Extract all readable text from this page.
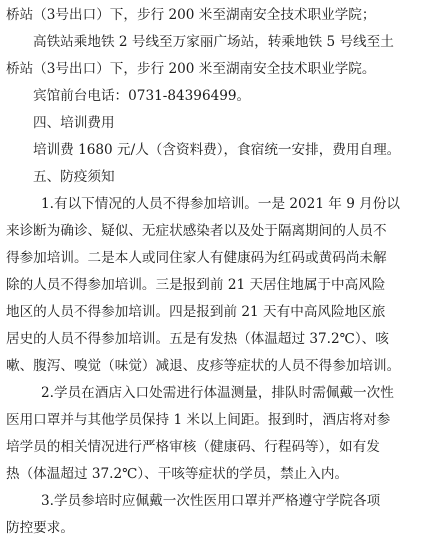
桥站（3号出口）下，步行 200 米至湖南安全技术职业学院；
高铁站乘地铁 2 号线至万家丽广场站，转乘地铁 5 号线至土
桥站（3号出口）下，步行 200 米至湖南安全技术职业学院。
宾馆前台电话：0731-84396499。
四、培训费用
培训费 1680 元/人（含资料费），食宿统一安排，费用自理。
五、防疫须知
1.有以下情况的人员不得参加培训。一是 2021 年 9 月份以
来诊断为确诊、疑似、无症状感染者以及处于隔离期间的人员不
得参加培训。二是本人或同住家人有健康码为红码或黄码尚未解
除的人员不得参加培训。三是报到前 21 天居住地属于中高风险
地区的人员不得参加培训。四是报到前 21 天有中高风险地区旅
居史的人员不得参加培训。五是有发热（体温超过 37.2℃）、咳
嗽、腹泻、嗅觉（味觉）减退、皮疹等症状的人员不得参加培训。
2.学员在酒店入口处需进行体温测量，排队时需佩戴一次性
医用口罩并与其他学员保持 1 米以上间距。报到时，酒店将对参
培学员的相关情况进行严格审核（健康码、行程码等），如有发
热（体温超过 37.2℃）、干咳等症状的学员，禁止入内。
3.学员参培时应佩戴一次性医用口罩并严格遵守学院各项
防控要求。
